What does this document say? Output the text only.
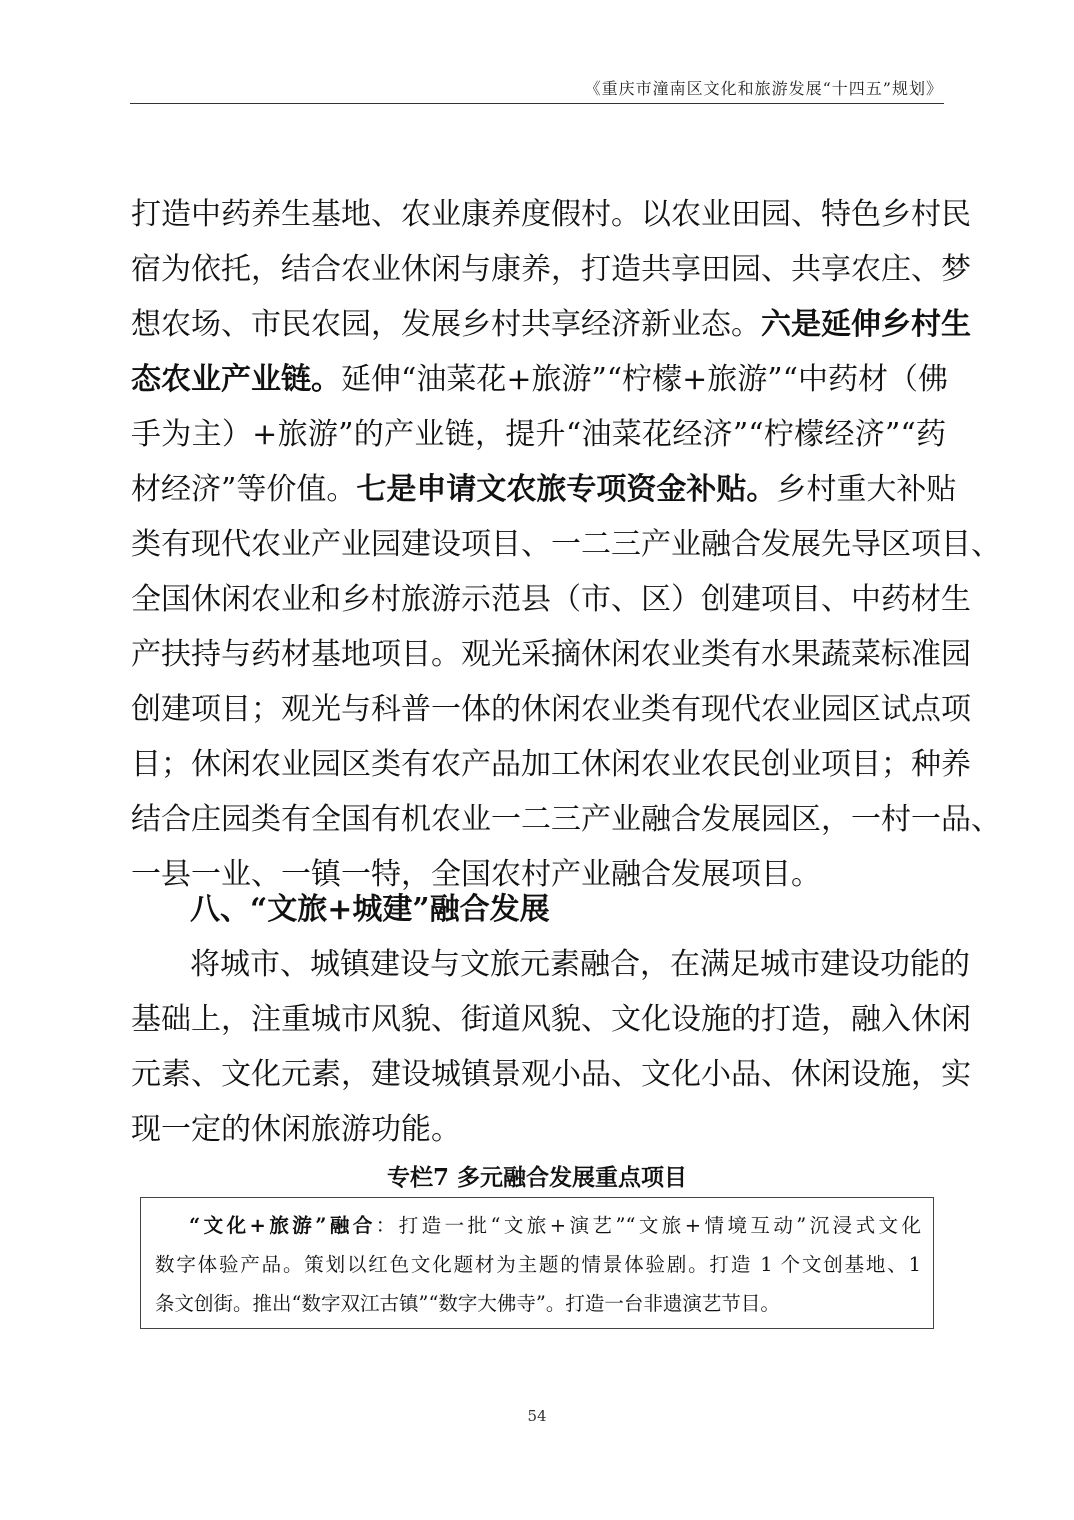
《重庆市潼南区文化和旅游发展“十四五”规划》
打造中药养生基地、农业康养度假村。以农业田园、特色乡村民
宿为依托，结合农业休闲与康养，打造共享田园、共享农庄、梦
想农场、市民农园，发展乡村共享经济新业态。六是延伸乡村生
态农业产业链。延伸“油菜花+旅游”“柠檬+旅游”“中药材（佛
手为主）+旅游”的产业链，提升“油菜花经济”“柠檬经济”“药
材经济”等价值。七是申请文农旅专项资金补贴。乡村重大补贴
类有现代农业产业园建设项目、一二三产业融合发展先导区项目、
全国休闲农业和乡村旅游示范县（市、区）创建项目、中药材生
产扶持与药材基地项目。观光采摘休闲农业类有水果蔬菜标准园
创建项目；观光与科普一体的休闲农业类有现代农业园区试点项
目；休闲农业园区类有农产品加工休闲农业农民创业项目；种养
结合庄园类有全国有机农业一二三产业融合发展园区，一村一品、
一县一业、一镇一特，全国农村产业融合发展项目。
八、“文旅+城建”融合发展
将城市、城镇建设与文旅元素融合，在满足城市建设功能的
基础上，注重城市风貌、街道风貌、文化设施的打造，融入休闲
元素、文化元素，建设城镇景观小品、文化小品、休闲设施，实
现一定的休闲旅游功能。
专栏7 多元融合发展重点项目
“文化+旅游”融合：打造一批“文旅+演艺”“文旅+情境互动”沉浸式文化
数字体验产品。策划以红色文化题材为主题的情景体验剧。打造 1 个文创基地、1
条文创街。推出“数字双江古镇”“数字大佛寺”。打造一台非遗演艺节目。
54
